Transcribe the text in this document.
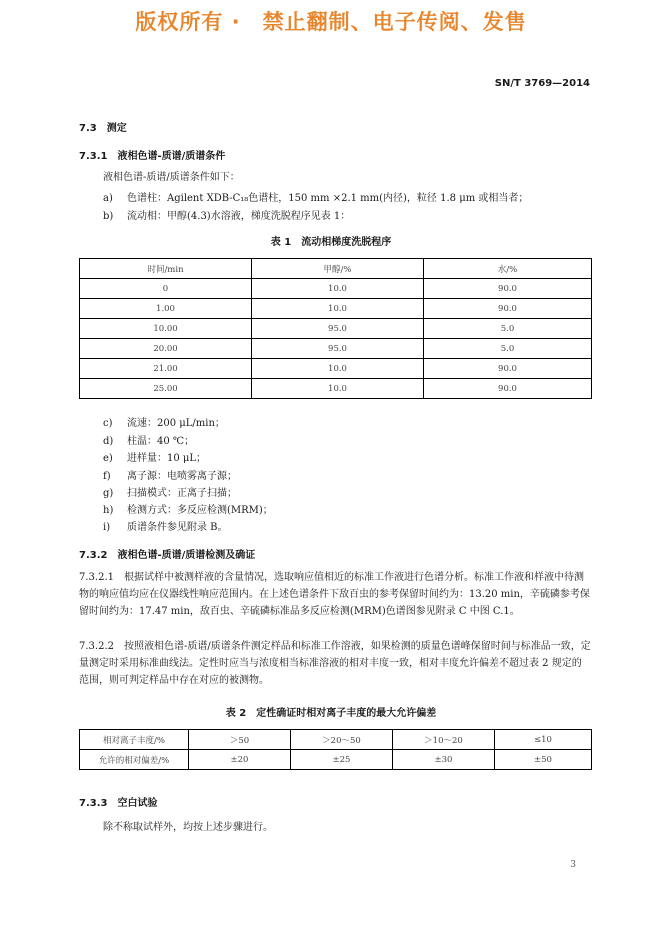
版权所有 ·　禁止翻制、电子传阅、发售
SN/T 3769—2014
7.3　测定
7.3.1　液相色谱-质谱/质谱条件
液相色谱-质谱/质谱条件如下：
a) 色谱柱：Agilent XDB-C₁₈色谱柱，150 mm ×2.1 mm(内径)，粒径 1.8 μm 或相当者；
b) 流动相：甲醇(4.3)水溶液，梯度洗脱程序见表 1：
表 1　流动相梯度洗脱程序
时间/min	甲醇/%	水/%
0	10.0	90.0
1.00	10.0	90.0
10.00	95.0	5.0
20.00	95.0	5.0
21.00	10.0	90.0
25.00	10.0	90.0
c) 流速：200 μL/min；
d) 柱温：40 ℃；
e) 进样量：10 μL；
f) 离子源：电喷雾离子源；
g) 扫描模式：正离子扫描；
h) 检测方式：多反应检测(MRM)；
i) 质谱条件参见附录 B。
7.3.2　液相色谱-质谱/质谱检测及确证
7.3.2.1　根据试样中被测样液的含量情况，选取响应值相近的标准工作液进行色谱分析。标准工作液和样液中待测物的响应值均应在仪器线性响应范围内。在上述色谱条件下敌百虫的参考保留时间约为：13.20 min，辛硫磷参考保留时间约为：17.47 min，敌百虫、辛硫磷标准品多反应检测(MRM)色谱图参见附录 C 中图 C.1。
7.3.2.2　按照液相色谱-质谱/质谱条件测定样品和标准工作溶液，如果检测的质量色谱峰保留时间与标准品一致，定量测定时采用标准曲线法。定性时应当与浓度相当标准溶液的相对丰度一致，相对丰度允许偏差不超过表 2 规定的范围，则可判定样品中存在对应的被测物。
表 2　定性确证时相对离子丰度的最大允许偏差
相对离子丰度/%	＞50	＞20～50	＞10～20	≤10
允许的相对偏差/%	±20	±25	±30	±50
7.3.3　空白试验
除不称取试样外，均按上述步骤进行。
3
